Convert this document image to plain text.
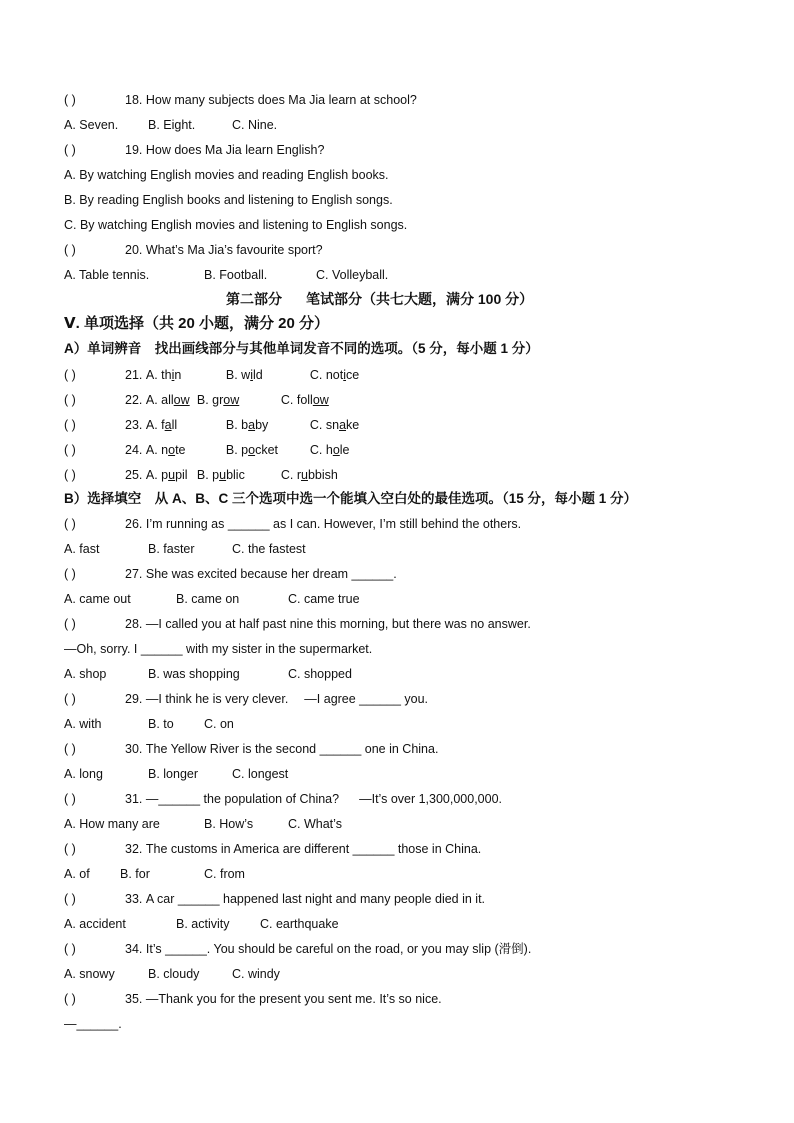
( )	18. How many subjects does Ma Jia learn at school?
A. Seven. B. Eight.	C. Nine.
( )	19. How does Ma Jia learn English?
A. By watching English movies and reading English books.
B. By reading English books and listening to English songs.
C. By watching English movies and listening to English songs.
( )	20. What’s Ma Jia’s favourite sport?
A. Table tennis.	B. Football.	C. Volleyball.
第二部分 笔试部分（共七大题，满分 100 分）
Ⅴ. 单项选择（共 20 小题，满分 20 分）
A）单词辨音　找出画线部分与其他单词发音不同的选项。（5 分，每小题 1 分）
( )	21. A. thin	B. wild	C. notice
( )	22. A. allow B. grow	C. follow
( )	23. A. fall	B. baby	C. snake
( )	24. A. note	B. pocket	C. hole
( )	25. A. pupil B. public	C. rubbish
B）选择填空　从 A、B、C 三个选项中选一个能填入空白处的最佳选项。（15 分，每小题 1 分）
( )	26. I’m running as ______ as I can. However, I’m still behind the others.
A. fast	B. faster	C. the fastest
( )	27. She was excited because her dream ______.
A. came out	B. came on	C. came true
( )	28. —I called you at half past nine this morning, but there was no answer.
—Oh, sorry. I ______ with my sister in the supermarket.
A. shop	B. was shopping	C. shopped
( )	29. —I think he is very clever. —I agree ______ you.
A. with	B. to C. on
( )	30. The Yellow River is the second ______ one in China.
A. long	B. longer	C. longest
( )	31. —______ the population of China? —It’s over 1,300,000,000.
A. How many are	B. How’s	C. What’s
( )	32. The customs in America are different ______ those in China.
A. of B. for	C. from
( )	33. A car ______ happened last night and many people died in it.
A. accident	B. activity C. earthquake
( )	34. It’s ______. You should be careful on the road, or you may slip (滑倒).
A. snowy	B. cloudy	C. windy
( )	35. —Thank you for the present you sent me. It’s so nice.
—______.
